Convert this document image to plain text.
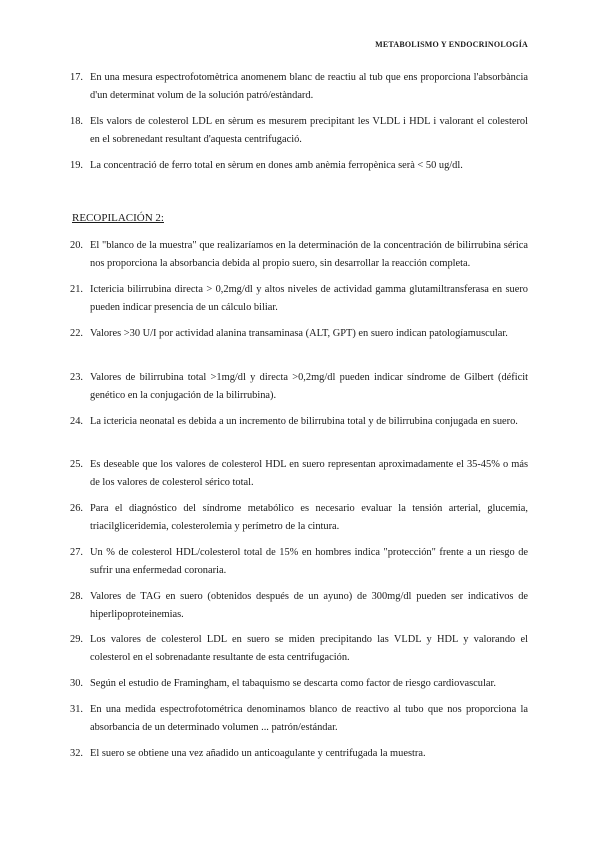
METABOLISMO Y ENDOCRINOLOGÍA
17. En una mesura espectrofotomètrica anomenem blanc de reactiu al tub que ens proporciona l'absorbància d'un determinat volum de la solución patró/estàndard.
18. Els valors de colesterol LDL en sèrum es mesurem precipitant les VLDL i HDL i valorant el colesterol en el sobrenedant resultant d'aquesta centrifugació.
19. La concentració de ferro total en sèrum en dones amb anèmia ferropènica serà < 50 ug/dl.
RECOPILACIÓN 2:
20. El "blanco de la muestra" que realizaríamos en la determinación de la concentración de bilirrubina sérica nos proporciona la absorbancia debida al propio suero, sin desarrollar la reacción completa.
21. Ictericia bilirrubina directa > 0,2mg/dl y altos niveles de actividad gamma glutamiltransferasa en suero pueden indicar presencia de un cálculo biliar.
22. Valores >30 U/I por actividad alanina transaminasa (ALT, GPT) en suero indican patologíamuscular.
23. Valores de bilirrubina total >1mg/dl y directa >0,2mg/dl pueden indicar síndrome de Gilbert (déficit genético en la conjugación de la bilirrubina).
24. La ictericia neonatal es debida a un incremento de bilirrubina total y de bilirrubina conjugada en suero.
25. Es deseable que los valores de colesterol HDL en suero representan aproximadamente el 35-45% o más de los valores de colesterol sérico total.
26. Para el diagnóstico del síndrome metabólico es necesario evaluar la tensión arterial, glucemia, triacilgliceridemia, colesterolemia y perímetro de la cintura.
27. Un % de colesterol HDL/colesterol total de 15% en hombres indica "protección" frente a un riesgo de sufrir una enfermedad coronaria.
28. Valores de TAG en suero (obtenidos después de un ayuno) de 300mg/dl pueden ser indicativos de hiperlipoproteinemias.
29. Los valores de colesterol LDL en suero se miden precipitando las VLDL y HDL y valorando el colesterol en el sobrenadante resultante de esta centrifugación.
30. Según el estudio de Framingham, el tabaquismo se descarta como factor de riesgo cardiovascular.
31. En una medida espectrofotométrica denominamos blanco de reactivo al tubo que nos proporciona la absorbancia de un determinado volumen ... patrón/estándar.
32. El suero se obtiene una vez añadido un anticoagulante y centrifugada la muestra.
